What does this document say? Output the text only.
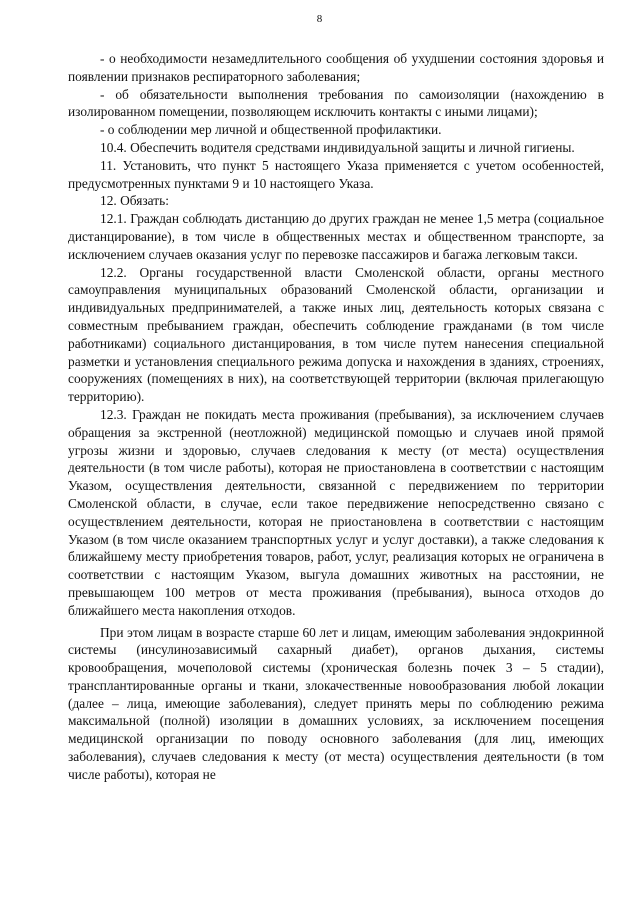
8

- о необходимости незамедлительного сообщения об ухудшении состояния здоровья и появлении признаков респираторного заболевания;

- об обязательности выполнения требования по самоизоляции (нахождению в изолированном помещении, позволяющем исключить контакты с иными лицами);

- о соблюдении мер личной и общественной профилактики.

10.4. Обеспечить водителя средствами индивидуальной защиты и личной гигиены.

11. Установить, что пункт 5 настоящего Указа применяется с учетом особенностей, предусмотренных пунктами 9 и 10 настоящего Указа.

12. Обязать:

12.1. Граждан соблюдать дистанцию до других граждан не менее 1,5 метра (социальное дистанцирование), в том числе в общественных местах и общественном транспорте, за исключением случаев оказания услуг по перевозке пассажиров и багажа легковым такси.

12.2. Органы государственной власти Смоленской области, органы местного самоуправления муниципальных образований Смоленской области, организации и индивидуальных предпринимателей, а также иных лиц, деятельность которых связана с совместным пребыванием граждан, обеспечить соблюдение гражданами (в том числе работниками) социального дистанцирования, в том числе путем нанесения специальной разметки и установления специального режима допуска и нахождения в зданиях, строениях, сооружениях (помещениях в них), на соответствующей территории (включая прилегающую территорию).

12.3. Граждан не покидать места проживания (пребывания), за исключением случаев обращения за экстренной (неотложной) медицинской помощью и случаев иной прямой угрозы жизни и здоровью, случаев следования к месту (от места) осуществления деятельности (в том числе работы), которая не приостановлена в соответствии с настоящим Указом, осуществления деятельности, связанной с передвижением по территории Смоленской области, в случае, если такое передвижение непосредственно связано с осуществлением деятельности, которая не приостановлена в соответствии с настоящим Указом (в том числе оказанием транспортных услуг и услуг доставки), а также следования к ближайшему месту приобретения товаров, работ, услуг, реализация которых не ограничена в соответствии с настоящим Указом, выгула домашних животных на расстоянии, не превышающем 100 метров от места проживания (пребывания), выноса отходов до ближайшего места накопления отходов.

При этом лицам в возрасте старше 60 лет и лицам, имеющим заболевания эндокринной системы (инсулинозависимый сахарный диабет), органов дыхания, системы кровообращения, мочеполовой системы (хроническая болезнь почек 3 – 5 стадии), трансплантированные органы и ткани, злокачественные новообразования любой локации (далее – лица, имеющие заболевания), следует принять меры по соблюдению режима максимальной (полной) изоляции в домашних условиях, за исключением посещения медицинской организации по поводу основного заболевания (для лиц, имеющих заболевания), случаев следования к месту (от места) осуществления деятельности (в том числе работы), которая не
